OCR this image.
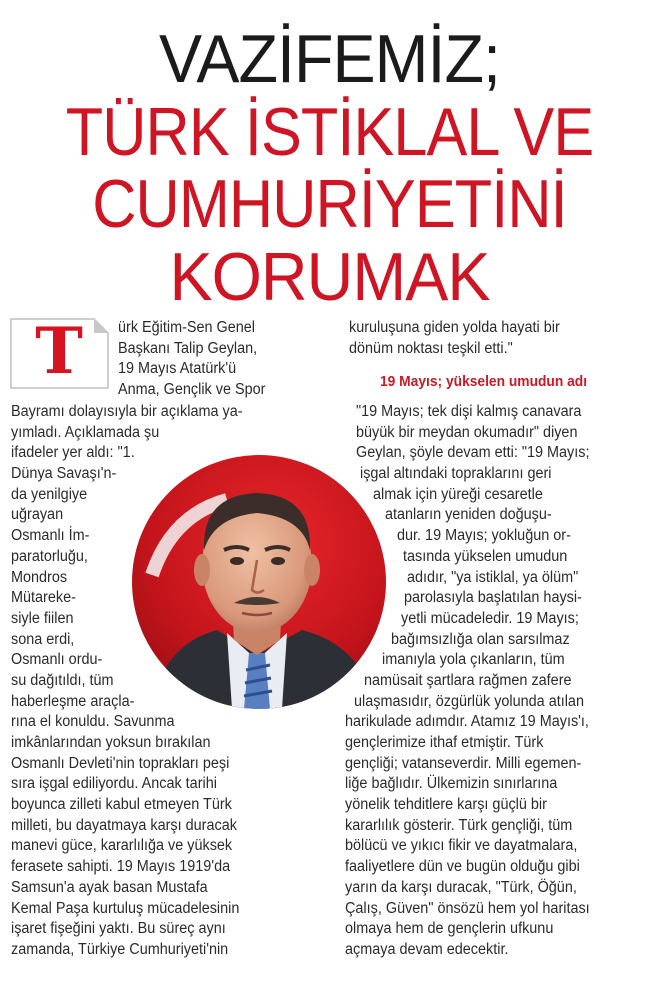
VAZİFEMİZ;
TÜRK İSTİKLAL VE
CUMHURİYETİNİ
KORUMAK
T	ürk Eğitim-Sen Genel
Başkanı Talip Geylan,
19 Mayıs Atatürk'ü
Anma, Gençlik ve Spor
Bayramı dolayısıyla bir açıklama ya-
yımladı. Açıklamada şu
ifadeler yer aldı: "1.
Dünya Savaşı'n-
da yenilgiye
uğrayan
Osmanlı İm-
paratorluğu,
Mondros
Mütareke-
siyle fiilen
sona erdi,
Osmanlı ordu-
su dağıtıldı, tüm
haberleşme araçla-
rına el konuldu. Savunma
imkânlarından yoksun bırakılan
Osmanlı Devleti'nin toprakları peşi
sıra işgal ediliyordu. Ancak tarihi
boyunca zilleti kabul etmeyen Türk
milleti, bu dayatmaya karşı duracak
manevi güce, kararlılığa ve yüksek
ferasete sahipti. 19 Mayıs 1919'da
Samsun'a ayak basan Mustafa
Kemal Paşa kurtuluş mücadelesinin
işaret fişeğini yaktı. Bu süreç aynı
zamanda, Türkiye Cumhuriyeti'nin
kuruluşuna giden yolda hayati bir
dönüm noktası teşkil etti."
19 Mayıs; yükselen umudun adı
"19 Mayıs; tek dişi kalmış canavara
büyük bir meydan okumadır" diyen
Geylan, şöyle devam etti: "19 Mayıs;
işgal altındaki topraklarını geri
almak için yüreği cesaretle
atanların yeniden doğuşu-
dur. 19 Mayıs; yokluğun or-
tasında yükselen umudun
adıdır, "ya istiklal, ya ölüm"
parolasıyla başlatılan haysi-
yetli mücadeledir. 19 Mayıs;
bağımsızlığa olan sarsılmaz
imanıyla yola çıkanların, tüm
namüsait şartlara rağmen zafere
ulaşmasıdır, özgürlük yolunda atılan
harikulade adımdır. Atamız 19 Mayıs'ı,
gençlerimize ithaf etmiştir. Türk
gençliği; vatanseverdir. Milli egemen-
liğe bağlıdır. Ülkemizin sınırlarına
yönelik tehditlere karşı güçlü bir
kararlılık gösterir. Türk gençliği, tüm
bölücü ve yıkıcı fikir ve dayatmalara,
faaliyetlere dün ve bugün olduğu gibi
yarın da karşı duracak, "Türk, Öğün,
Çalış, Güven" önsözü hem yol haritası
olmaya hem de gençlerin ufkunu
açmaya devam edecektir.
